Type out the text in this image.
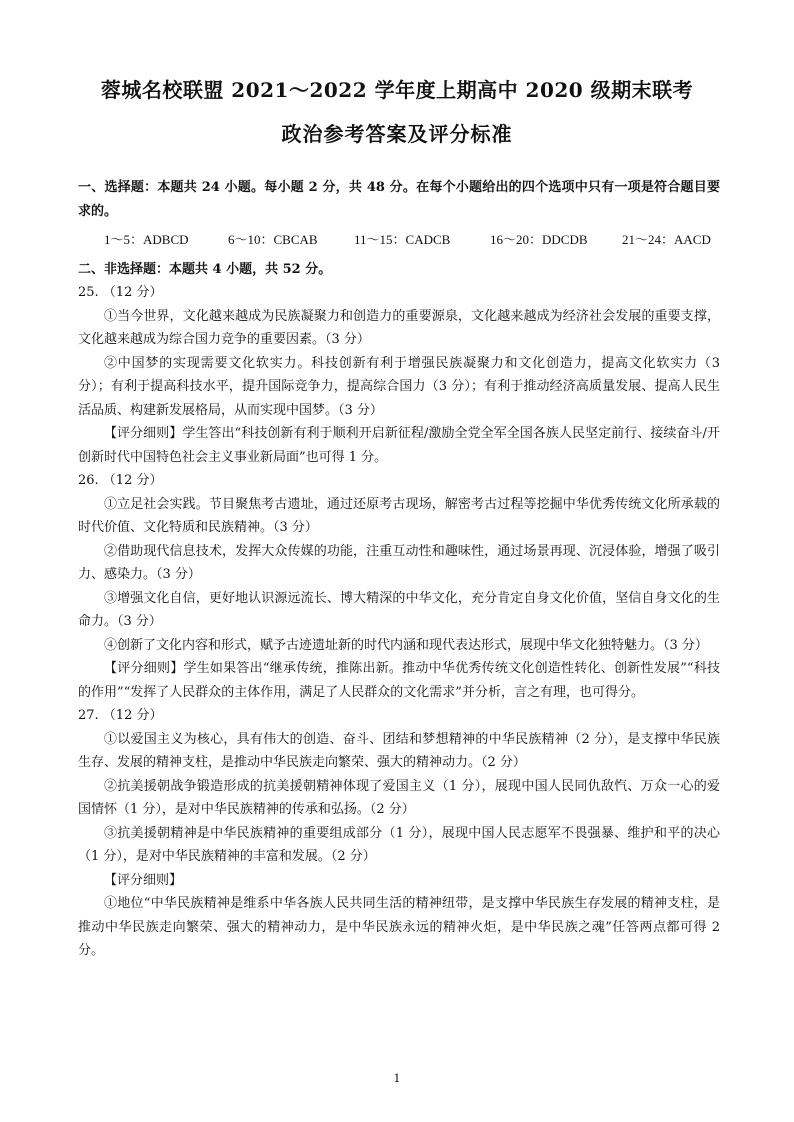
蓉城名校联盟 2021～2022 学年度上期高中 2020 级期末联考
政治参考答案及评分标准

一、选择题：本题共 24 小题。每小题 2 分，共 48 分。在每个小题给出的四个选项中只有一项是符合题目要求的。

1～5：ADBCD	6～10：CBCAB	11～15：CADCB	16～20：DDCDB	21～24：AACD

二、非选择题：本题共 4 小题，共 52 分。

25. （12 分）

①当今世界，文化越来越成为民族凝聚力和创造力的重要源泉，文化越来越成为经济社会发展的重要支撑，文化越来越成为综合国力竞争的重要因素。（3 分）

②中国梦的实现需要文化软实力。科技创新有利于增强民族凝聚力和文化创造力，提高文化软实力（3 分）；有利于提高科技水平，提升国际竞争力，提高综合国力（3 分）；有利于推动经济高质量发展、提高人民生活品质、构建新发展格局，从而实现中国梦。（3 分）

【评分细则】学生答出“科技创新有利于顺利开启新征程/激励全党全军全国各族人民坚定前行、接续奋斗/开创新时代中国特色社会主义事业新局面”也可得 1 分。

26. （12 分）

①立足社会实践。节目聚焦考古遗址，通过还原考古现场，解密考古过程等挖掘中华优秀传统文化所承载的时代价值、文化特质和民族精神。（3 分）

②借助现代信息技术，发挥大众传媒的功能，注重互动性和趣味性，通过场景再现、沉浸体验，增强了吸引力、感染力。（3 分）

③增强文化自信，更好地认识源远流长、博大精深的中华文化，充分肯定自身文化价值，坚信自身文化的生命力。（3 分）

④创新了文化内容和形式，赋予古迹遗址新的时代内涵和现代表达形式，展现中华文化独特魅力。（3 分）

【评分细则】学生如果答出“继承传统，推陈出新。推动中华优秀传统文化创造性转化、创新性发展”“科技的作用”“发挥了人民群众的主体作用，满足了人民群众的文化需求”并分析，言之有理，也可得分。

27. （12 分）

①以爱国主义为核心，具有伟大的创造、奋斗、团结和梦想精神的中华民族精神（2 分），是支撑中华民族生存、发展的精神支柱，是推动中华民族走向繁荣、强大的精神动力。（2 分）

②抗美援朝战争锻造形成的抗美援朝精神体现了爱国主义（1 分），展现中国人民同仇敌忾、万众一心的爱国情怀（1 分），是对中华民族精神的传承和弘扬。（2 分）

③抗美援朝精神是中华民族精神的重要组成部分（1 分），展现中国人民志愿军不畏强暴、维护和平的决心（1 分），是对中华民族精神的丰富和发展。（2 分）

【评分细则】

①地位“中华民族精神是维系中华各族人民共同生活的精神纽带，是支撑中华民族生存发展的精神支柱，是推动中华民族走向繁荣、强大的精神动力，是中华民族永远的精神火炬，是中华民族之魂”任答两点都可得 2 分。

1
